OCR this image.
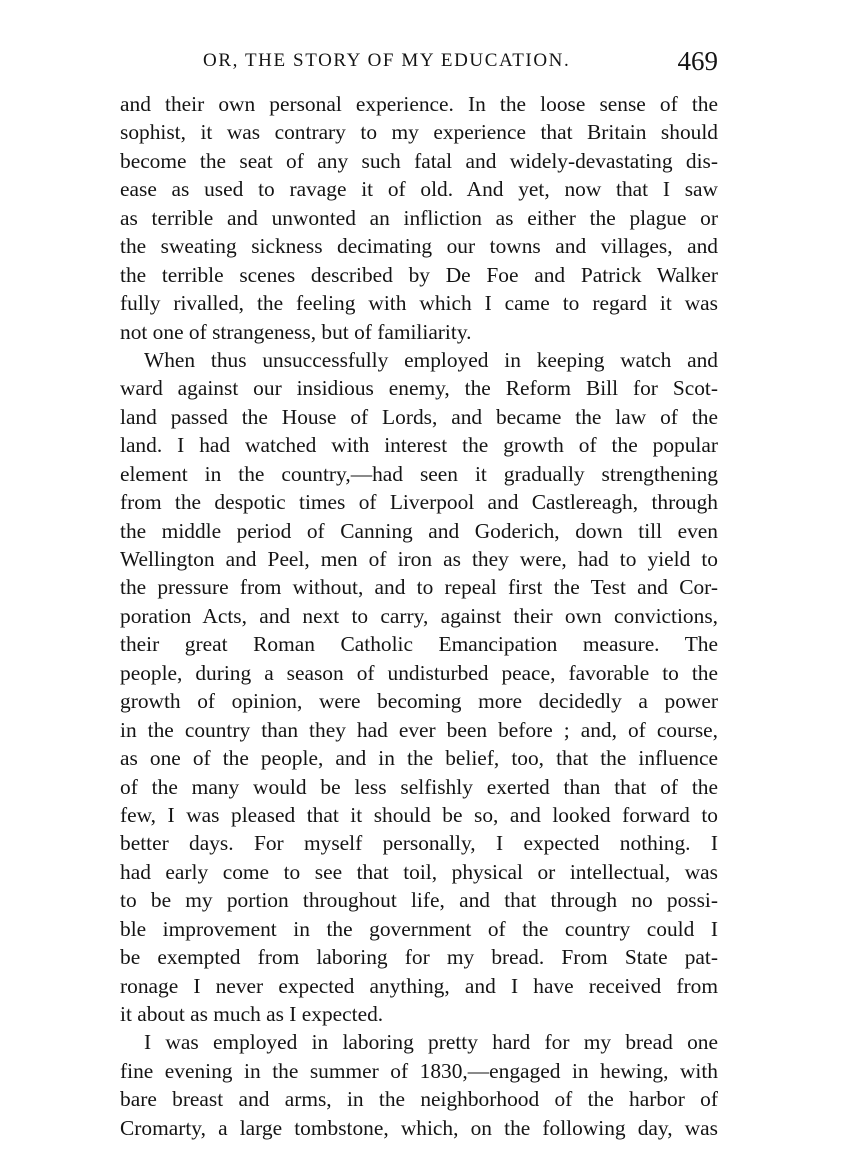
OR, THE STORY OF MY EDUCATION.	469
and their own personal experience. In the loose sense of the
sophist, it was contrary to my experience that Britain should
become the seat of any such fatal and widely-devastating dis-
ease as used to ravage it of old. And yet, now that I saw
as terrible and unwonted an infliction as either the plague or
the sweating sickness decimating our towns and villages, and
the terrible scenes described by De Foe and Patrick Walker
fully rivalled, the feeling with which I came to regard it was
not one of strangeness, but of familiarity.
When thus unsuccessfully employed in keeping watch and
ward against our insidious enemy, the Reform Bill for Scot-
land passed the House of Lords, and became the law of the
land. I had watched with interest the growth of the popular
element in the country,—had seen it gradually strengthening
from the despotic times of Liverpool and Castlereagh, through
the middle period of Canning and Goderich, down till even
Wellington and Peel, men of iron as they were, had to yield to
the pressure from without, and to repeal first the Test and Cor-
poration Acts, and next to carry, against their own convictions,
their great Roman Catholic Emancipation measure. The
people, during a season of undisturbed peace, favorable to the
growth of opinion, were becoming more decidedly a power
in the country than they had ever been before ; and, of course,
as one of the people, and in the belief, too, that the influence
of the many would be less selfishly exerted than that of the
few, I was pleased that it should be so, and looked forward to
better days. For myself personally, I expected nothing. I
had early come to see that toil, physical or intellectual, was
to be my portion throughout life, and that through no possi-
ble improvement in the government of the country could I
be exempted from laboring for my bread. From State pat-
ronage I never expected anything, and I have received from
it about as much as I expected.
I was employed in laboring pretty hard for my bread one
fine evening in the summer of 1830,—engaged in hewing, with
bare breast and arms, in the neighborhood of the harbor of
Cromarty, a large tombstone, which, on the following day, was
